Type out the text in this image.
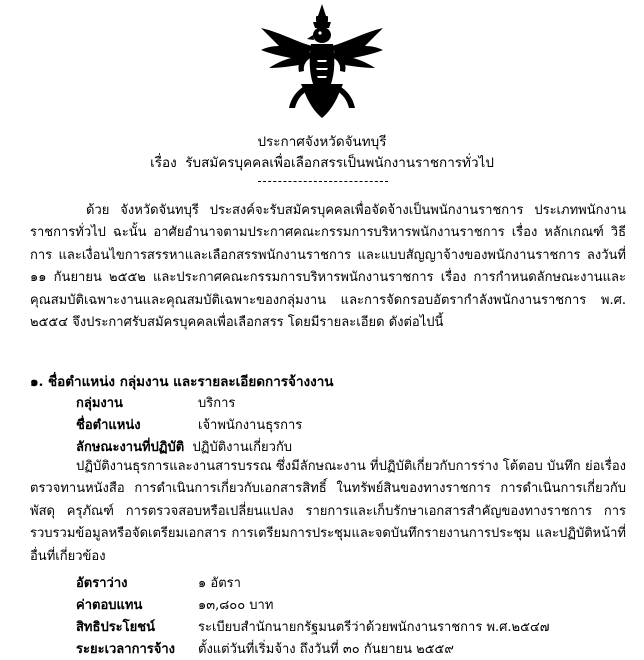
ประกาศจังหวัดจันทบุรี
เรื่อง รับสมัครบุคคลเพื่อเลือกสรรเป็นพนักงานราชการทั่วไป

ด้วย จังหวัดจันทบุรี ประสงค์จะรับสมัครบุคคลเพื่อจัดจ้างเป็นพนักงานราชการ ประเภทพนักงานราชการทั่วไป ฉะนั้น อาศัยอำนาจตามประกาศคณะกรรมการบริหารพนักงานราชการ เรื่อง หลักเกณฑ์ วิธีการ และเงื่อนไขการสรรหาและเลือกสรรพนักงานราชการ และแบบสัญญาจ้างของพนักงานราชการ ลงวันที่ ๑๑ กันยายน ๒๕๕๒ และประกาศคณะกรรมการบริหารพนักงานราชการ เรื่อง การกำหนดลักษณะงานและคุณสมบัติเฉพาะงานและคุณสมบัติเฉพาะของกลุ่มงาน และการจัดกรอบอัตรากำลังพนักงานราชการ พ.ศ. ๒๕๕๔ จึงประกาศรับสมัครบุคคลเพื่อเลือกสรร โดยมีรายละเอียด ดังต่อไปนี้

๑. ชื่อตำแหน่ง กลุ่มงาน และรายละเอียดการจ้างงาน
กลุ่มงาน	บริการ
ชื่อตำแหน่ง	เจ้าพนักงานธุรการ
ลักษณะงานที่ปฏิบัติ ปฏิบัติงานเกี่ยวกับ

ปฏิบัติงานธุรการและงานสารบรรณ ซึ่งมีลักษณะงาน ที่ปฏิบัติเกี่ยวกับการร่าง โต้ตอบ บันทึก ย่อเรื่อง ตรวจทานหนังสือ การดำเนินการเกี่ยวกับเอกสารสิทธิ์ ในทรัพย์สินของทางราชการ การดำเนินการเกี่ยวกับพัสดุ ครุภัณฑ์ การตรวจสอบหรือเปลี่ยนแปลง รายการและเก็บรักษาเอกสารสำคัญของทางราชการ การรวบรวมข้อมูลหรือจัดเตรียมเอกสาร การเตรียมการประชุมและจดบันทึกรายงานการประชุม และปฏิบัติหน้าที่อื่นที่เกี่ยวข้อง

อัตราว่าง	๑ อัตรา
ค่าตอบแทน	๑๓,๘๐๐ บาท
สิทธิประโยชน์	ระเบียบสำนักนายกรัฐมนตรีว่าด้วยพนักงานราชการ พ.ศ.๒๕๔๗
ระยะเวลาการจ้าง ตั้งแต่วันที่เริ่มจ้าง ถึงวันที่ ๓๐ กันยายน ๒๕๕๙
